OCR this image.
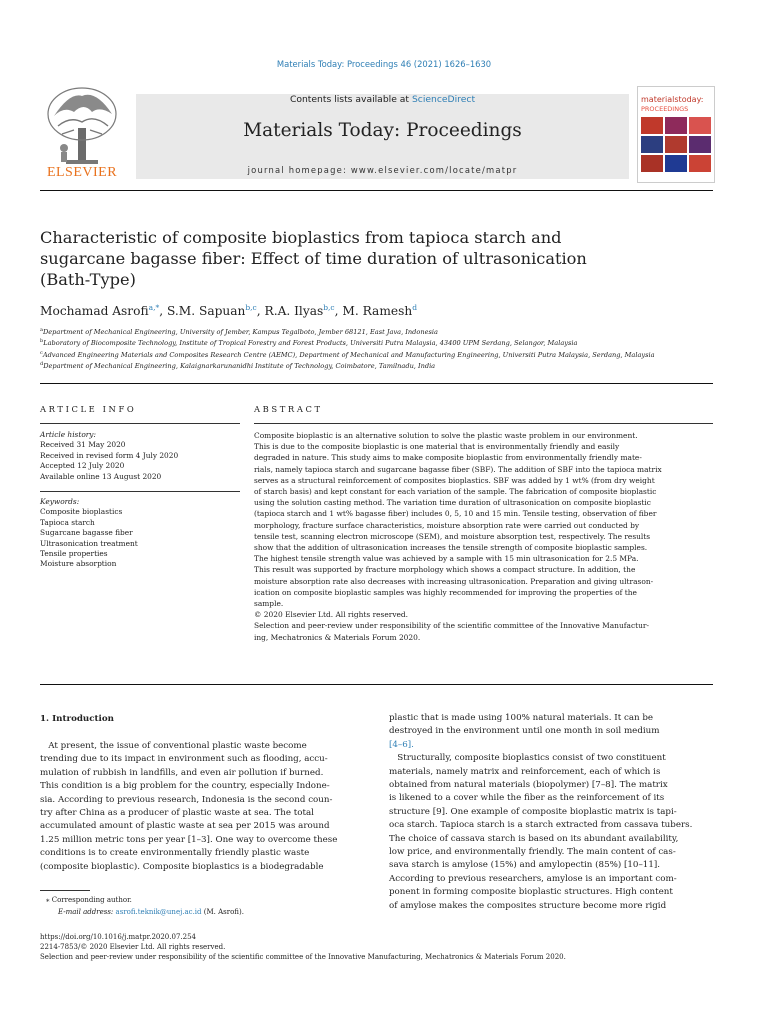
Materials Today: Proceedings 46 (2021) 1626–1630
ELSEVIER
Contents lists available at ScienceDirect
Materials Today: Proceedings
journal homepage: www.elsevier.com/locate/matpr
materialstoday:
PROCEEDINGS
Characteristic of composite bioplastics from tapioca starch and
sugarcane bagasse fiber: Effect of time duration of ultrasonication
(Bath-Type)
Mochamad Asrofi$^{a,*}$, S.M. Sapuan$^{b,c}$, R.A. Ilyas$^{b,c}$, M. Ramesh$^d$
$^a$Department of Mechanical Engineering, University of Jember, Kampus Tegalboto, Jember 68121, East Java, Indonesia
$^b$Laboratory of Biocomposite Technology, Institute of Tropical Forestry and Forest Products, Universiti Putra Malaysia, 43400 UPM Serdang, Selangor, Malaysia
$^c$Advanced Engineering Materials and Composites Research Centre (AEMC), Department of Mechanical and Manufacturing Engineering, Universiti Putra Malaysia, Serdang, Malaysia
$^d$Department of Mechanical Engineering, Kalaignarkarunanidhi Institute of Technology, Coimbatore, Tamilnadu, India
ARTICLE INFO	ABSTRACT
Article history:
Received 31 May 2020
Received in revised form 4 July 2020
Accepted 12 July 2020
Available online 13 August 2020
Keywords:
Composite bioplastics
Tapioca starch
Sugarcane bagasse fiber
Ultrasonication treatment
Tensile properties
Moisture absorption
Composite bioplastic is an alternative solution to solve the plastic waste problem in our environment.
This is due to the composite bioplastic is one material that is environmentally friendly and easily
degraded in nature. This study aims to make composite bioplastic from environmentally friendly mate-
rials, namely tapioca starch and sugarcane bagasse fiber (SBF). The addition of SBF into the tapioca matrix
serves as a structural reinforcement of composites bioplastics. SBF was added by 1 wt% (from dry weight
of starch basis) and kept constant for each variation of the sample. The fabrication of composite bioplastic
using the solution casting method. The variation time duration of ultrasonication on composite bioplastic
(tapioca starch and 1 wt% bagasse fiber) includes 0, 5, 10 and 15 min. Tensile testing, observation of fiber
morphology, fracture surface characteristics, moisture absorption rate were carried out conducted by
tensile test, scanning electron microscope (SEM), and moisture absorption test, respectively. The results
show that the addition of ultrasonication increases the tensile strength of composite bioplastic samples.
The highest tensile strength value was achieved by a sample with 15 min ultrasonication for 2.5 MPa.
This result was supported by fracture morphology which shows a compact structure. In addition, the
moisture absorption rate also decreases with increasing ultrasonication. Preparation and giving ultrason-
ication on composite bioplastic samples was highly recommended for improving the properties of the
sample.
© 2020 Elsevier Ltd. All rights reserved.
Selection and peer-review under responsibility of the scientific committee of the Innovative Manufactur-
ing, Mechatronics & Materials Forum 2020.
1. Introduction
At present, the issue of conventional plastic waste become
trending due to its impact in environment such as flooding, accu-
mulation of rubbish in landfills, and even air pollution if burned.
This condition is a big problem for the country, especially Indone-
sia. According to previous research, Indonesia is the second coun-
try after China as a producer of plastic waste at sea. The total
accumulated amount of plastic waste at sea per 2015 was around
1.25 million metric tons per year [1–3]. One way to overcome these
conditions is to create environmentally friendly plastic waste
(composite bioplastic). Composite bioplastics is a biodegradable
plastic that is made using 100% natural materials. It can be
destroyed in the environment until one month in soil medium
[4–6].
Structurally, composite bioplastics consist of two constituent
materials, namely matrix and reinforcement, each of which is
obtained from natural materials (biopolymer) [7–8]. The matrix
is likened to a cover while the fiber as the reinforcement of its
structure [9]. One example of composite bioplastic matrix is tapi-
oca starch. Tapioca starch is a starch extracted from cassava tubers.
The choice of cassava starch is based on its abundant availability,
low price, and environmentally friendly. The main content of cas-
sava starch is amylose (15%) and amylopectin (85%) [10–11].
According to previous researchers, amylose is an important com-
ponent in forming composite bioplastic structures. High content
of amylose makes the composites structure become more rigid
⁎ Corresponding author.
E-mail address: asrofi.teknik@unej.ac.id (M. Asrofi).
https://doi.org/10.1016/j.matpr.2020.07.254
2214-7853/© 2020 Elsevier Ltd. All rights reserved.
Selection and peer-review under responsibility of the scientific committee of the Innovative Manufacturing, Mechatronics & Materials Forum 2020.
